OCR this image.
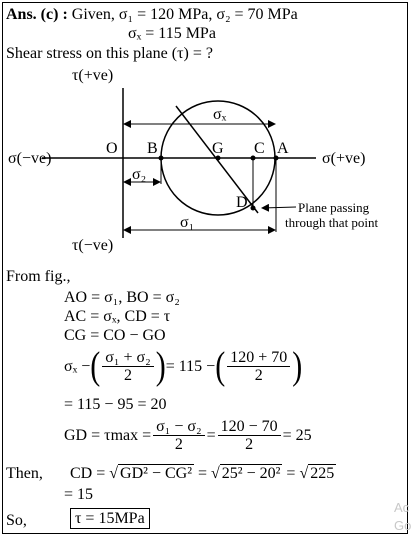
Ans. (c) : Given, σ₁ = 120 MPa, σ₂ = 70 MPa
σₓ = 115 MPa
Shear stress on this plane (τ) = ?
τ(+ve)
τ(−ve)
σ(−ve)	σ(+ve)
O B	G C A
D
σₓ
σ₂
σ₁
Plane passing
through that point
From fig.,
AO = σ₁, BO = σ₂
AC = σₓ, CD = τ
CG = CO − GO
σₓ − ( $\frac{\text{σ₁ + σ₂}}{2}$ ) = 115 − ( $\frac{120 + 70}{2}$ )
= 115 − 95 = 20
GD = $\tau\max = \frac{\text{σ₁ − σ₂}}{2} = \frac{120 - 70}{2} = 25$
Then, CD =
√ GD² − CG²
=
√ 25² − 20²
=
√ 225
= 15
So,	τ = 15MPa
Ac
Go
